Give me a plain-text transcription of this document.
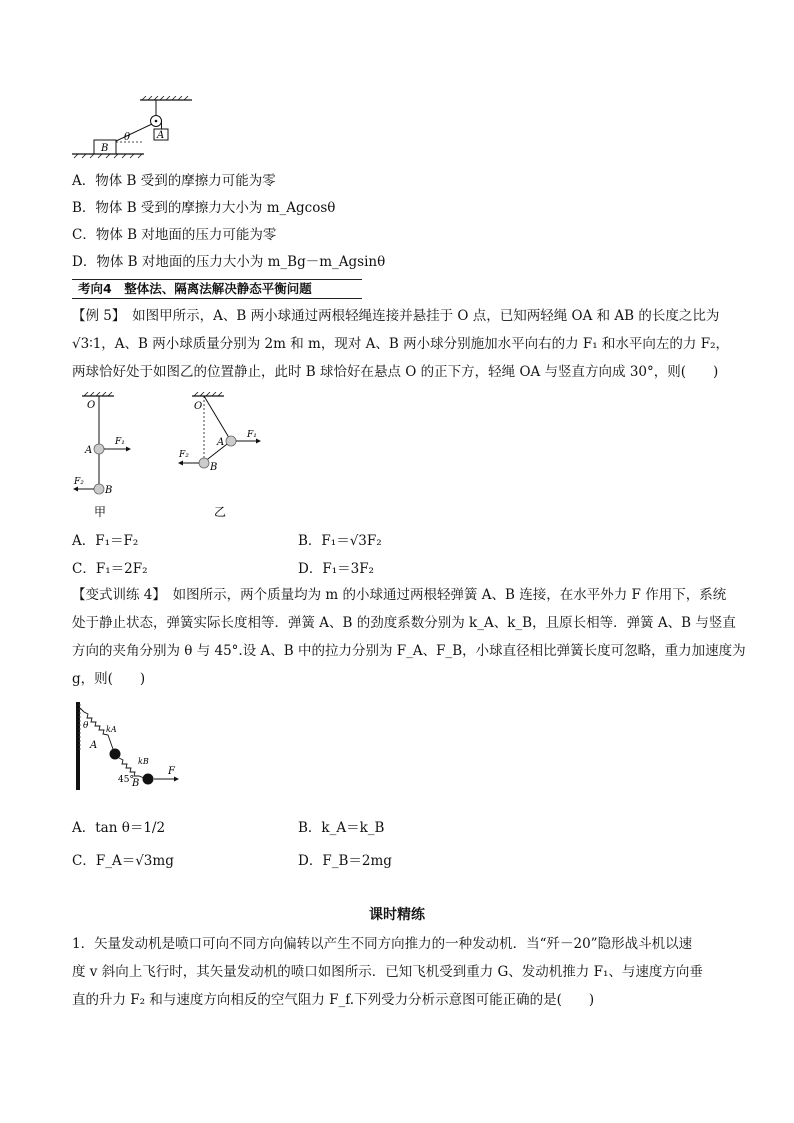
A
θ
B
A．物体 B 受到的摩擦力可能为零
B．物体 B 受到的摩擦力大小为 m_Agcosθ
C．物体 B 对地面的压力可能为零
D．物体 B 对地面的压力大小为 m_Bg－m_Agsinθ
考向4　整体法、隔离法解决静态平衡问题
【例 5】　如图甲所示，A、B 两小球通过两根轻绳连接并悬挂于 O 点，已知两轻绳 OA 和 AB 的长度之比为
√3∶1，A、B 两小球质量分别为 2m 和 m，现对 A、B 两小球分别施加水平向右的力 F₁ 和水平向左的力 F₂，
两球恰好处于如图乙的位置静止，此时 B 球恰好在悬点 O 的正下方，轻绳 OA 与竖直方向成 30°，则(　　)
O
A
F₁
B
F₂
甲
O
A
F₁
B
F₂
乙
A．F₁＝F₂	B．F₁＝√3F₂
C．F₁＝2F₂	D．F₁＝3F₂
【变式训练 4】　如图所示，两个质量均为 m 的小球通过两根轻弹簧 A、B 连接，在水平外力 F 作用下，系统
处于静止状态，弹簧实际长度相等．弹簧 A、B 的劲度系数分别为 k_A、k_B，且原长相等．弹簧 A、B 与竖直
方向的夹角分别为 θ 与 45°.设 A、B 中的拉力分别为 F_A、F_B，小球直径相比弹簧长度可忽略，重力加速度为
g，则(　　)
θ kA
A
kB
45°
B
F
A．tan θ＝1/2	B．k_A＝k_B
C．F_A＝√3mg	D．F_B＝2mg
课时精练
1．矢量发动机是喷口可向不同方向偏转以产生不同方向推力的一种发动机．当“歼－20”隐形战斗机以速
度 v 斜向上飞行时，其矢量发动机的喷口如图所示．已知飞机受到重力 G、发动机推力 F₁、与速度方向垂
直的升力 F₂ 和与速度方向相反的空气阻力 F_f.下列受力分析示意图可能正确的是(　　)
